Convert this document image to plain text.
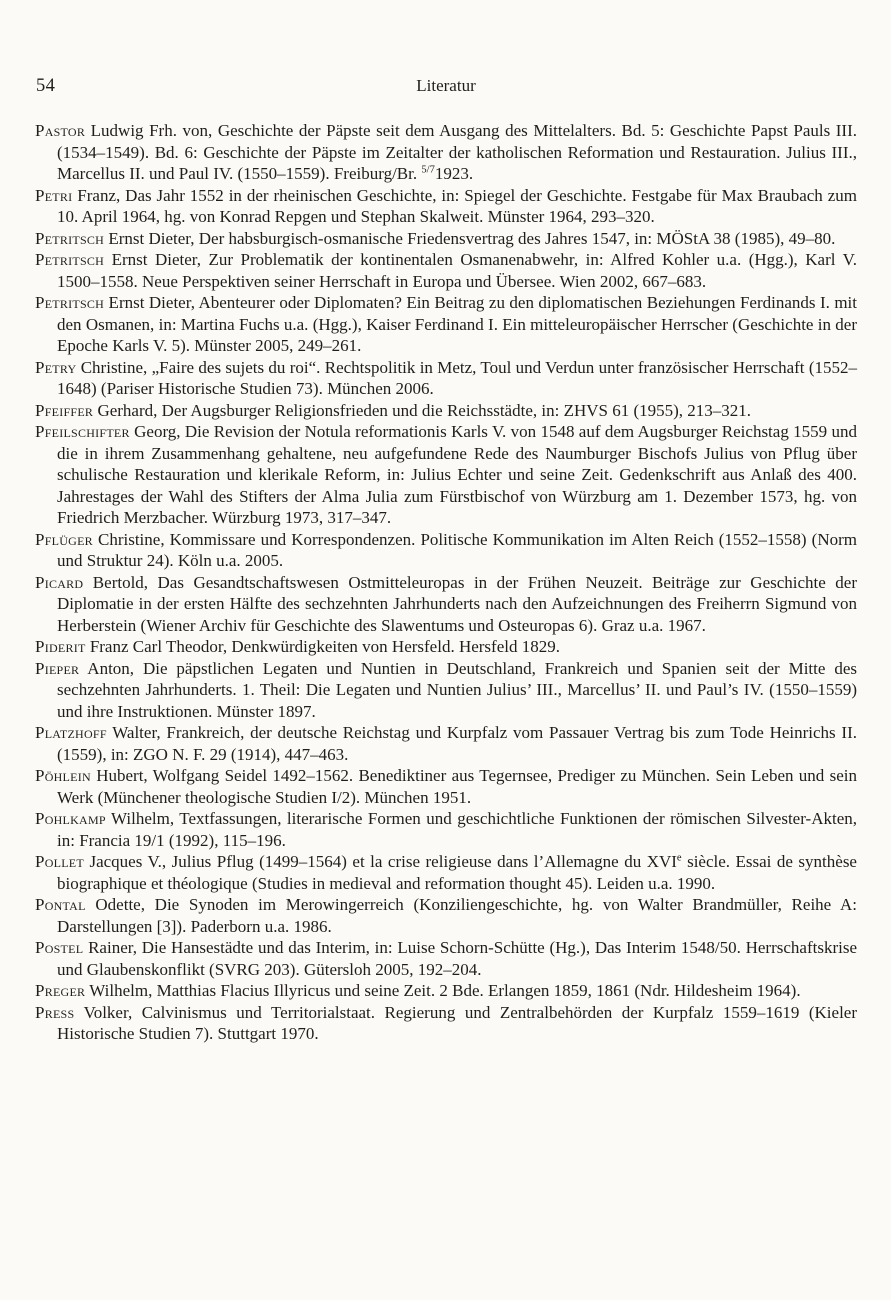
54	Literatur

Pastor Ludwig Frh. von, Geschichte der Päpste seit dem Ausgang des Mittelalters. Bd. 5: Geschichte Papst Pauls III. (1534–1549). Bd. 6: Geschichte der Päpste im Zeitalter der katholischen Reformation und Restauration. Julius III., Marcellus II. und Paul IV. (1550–1559). Freiburg/Br. $^{5/7}$1923.

Petri Franz, Das Jahr 1552 in der rheinischen Geschichte, in: Spiegel der Geschichte. Festgabe für Max Braubach zum 10. April 1964, hg. von Konrad Repgen und Stephan Skalweit. Münster 1964, 293–320.

Petritsch Ernst Dieter, Der habsburgisch-osmanische Friedensvertrag des Jahres 1547, in: MÖStA 38 (1985), 49–80.

Petritsch Ernst Dieter, Zur Problematik der kontinentalen Osmanenabwehr, in: Alfred Kohler u.a. (Hgg.), Karl V. 1500–1558. Neue Perspektiven seiner Herrschaft in Europa und Übersee. Wien 2002, 667–683.

Petritsch Ernst Dieter, Abenteurer oder Diplomaten? Ein Beitrag zu den diplomatischen Beziehungen Ferdinands I. mit den Osmanen, in: Martina Fuchs u.a. (Hgg.), Kaiser Ferdinand I. Ein mitteleuropäischer Herrscher (Geschichte in der Epoche Karls V. 5). Münster 2005, 249–261.

Petry Christine, „Faire des sujets du roi“. Rechtspolitik in Metz, Toul und Verdun unter französischer Herrschaft (1552–1648) (Pariser Historische Studien 73). München 2006.

Pfeiffer Gerhard, Der Augsburger Religionsfrieden und die Reichsstädte, in: ZHVS 61 (1955), 213–321.

Pfeilschifter Georg, Die Revision der Notula reformationis Karls V. von 1548 auf dem Augsburger Reichstag 1559 und die in ihrem Zusammenhang gehaltene, neu aufgefundene Rede des Naumburger Bischofs Julius von Pflug über schulische Restauration und klerikale Reform, in: Julius Echter und seine Zeit. Gedenkschrift aus Anlaß des 400. Jahrestages der Wahl des Stifters der Alma Julia zum Fürstbischof von Würzburg am 1. Dezember 1573, hg. von Friedrich Merzbacher. Würzburg 1973, 317–347.

Pflüger Christine, Kommissare und Korrespondenzen. Politische Kommunikation im Alten Reich (1552–1558) (Norm und Struktur 24). Köln u.a. 2005.

Picard Bertold, Das Gesandtschaftswesen Ostmitteleuropas in der Frühen Neuzeit. Beiträge zur Geschichte der Diplomatie in der ersten Hälfte des sechzehnten Jahrhunderts nach den Aufzeichnungen des Freiherrn Sigmund von Herberstein (Wiener Archiv für Geschichte des Slawentums und Osteuropas 6). Graz u.a. 1967.

Piderit Franz Carl Theodor, Denkwürdigkeiten von Hersfeld. Hersfeld 1829.

Pieper Anton, Die päpstlichen Legaten und Nuntien in Deutschland, Frankreich und Spanien seit der Mitte des sechzehnten Jahrhunderts. 1. Theil: Die Legaten und Nuntien Julius’ III., Marcellus’ II. und Paul’s IV. (1550–1559) und ihre Instruktionen. Münster 1897.

Platzhoff Walter, Frankreich, der deutsche Reichstag und Kurpfalz vom Passauer Vertrag bis zum Tode Heinrichs II. (1559), in: ZGO N. F. 29 (1914), 447–463.

Pöhlein Hubert, Wolfgang Seidel 1492–1562. Benediktiner aus Tegernsee, Prediger zu München. Sein Leben und sein Werk (Münchener theologische Studien I/2). München 1951.

Pohlkamp Wilhelm, Textfassungen, literarische Formen und geschichtliche Funktionen der römischen Silvester-Akten, in: Francia 19/1 (1992), 115–196.

Pollet Jacques V., Julius Pflug (1499–1564) et la crise religieuse dans l’Allemagne du XVIe siècle. Essai de synthèse biographique et théologique (Studies in medieval and reformation thought 45). Leiden u.a. 1990.

Pontal Odette, Die Synoden im Merowingerreich (Konziliengeschichte, hg. von Walter Brandmüller, Reihe A: Darstellungen [3]). Paderborn u.a. 1986.

Postel Rainer, Die Hansestädte und das Interim, in: Luise Schorn-Schütte (Hg.), Das Interim 1548/50. Herrschaftskrise und Glaubenskonflikt (SVRG 203). Gütersloh 2005, 192–204.

Preger Wilhelm, Matthias Flacius Illyricus und seine Zeit. 2 Bde. Erlangen 1859, 1861 (Ndr. Hildesheim 1964).

Press Volker, Calvinismus und Territorialstaat. Regierung und Zentralbehörden der Kurpfalz 1559–1619 (Kieler Historische Studien 7). Stuttgart 1970.
